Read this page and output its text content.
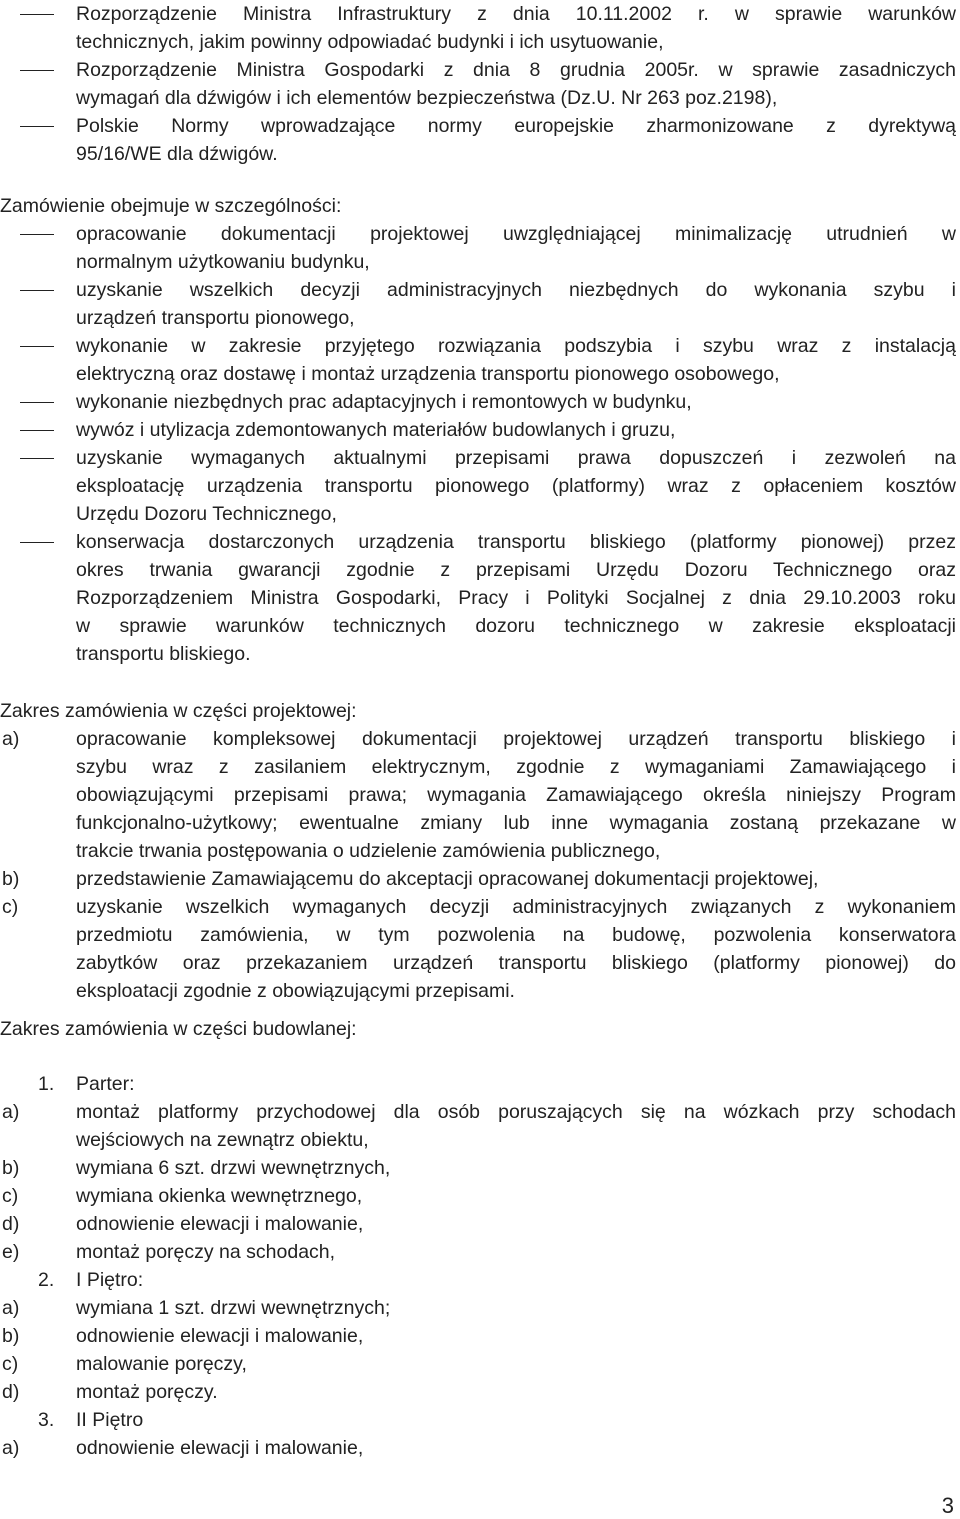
Rozporządzenie Ministra Infrastruktury z dnia 10.11.2002 r. w sprawie warunków
technicznych, jakim powinny odpowiadać budynki i ich usytuowanie,
Rozporządzenie Ministra Gospodarki z dnia 8 grudnia 2005r. w sprawie zasadniczych
wymagań dla dźwigów i ich elementów bezpieczeństwa (Dz.U. Nr 263 poz.2198),
Polskie Normy wprowadzające normy europejskie zharmonizowane z dyrektywą
95/16/WE dla dźwigów.
Zamówienie obejmuje w szczególności:
opracowanie dokumentacji projektowej uwzględniającej minimalizację utrudnień w
normalnym użytkowaniu budynku,
uzyskanie wszelkich decyzji administracyjnych niezbędnych do wykonania szybu i
urządzeń transportu pionowego,
wykonanie w zakresie przyjętego rozwiązania podszybia i szybu wraz z instalacją
elektryczną oraz dostawę i montaż urządzenia transportu pionowego osobowego,
wykonanie niezbędnych prac adaptacyjnych i remontowych w budynku,
wywóz i utylizacja zdemontowanych materiałów budowlanych i gruzu,
uzyskanie wymaganych aktualnymi przepisami prawa dopuszczeń i zezwoleń na
eksploatację urządzenia transportu pionowego (platformy) wraz z opłaceniem kosztów
Urzędu Dozoru Technicznego,
konserwacja dostarczonych urządzenia transportu bliskiego (platformy pionowej) przez
okres trwania gwarancji zgodnie z przepisami Urzędu Dozoru Technicznego oraz
Rozporządzeniem Ministra Gospodarki, Pracy i Polityki Socjalnej z dnia 29.10.2003 roku
w sprawie warunków technicznych dozoru technicznego w zakresie eksploatacji
transportu bliskiego.
Zakres zamówienia w części projektowej:
a)	opracowanie kompleksowej dokumentacji projektowej urządzeń transportu bliskiego i
szybu wraz z zasilaniem elektrycznym, zgodnie z wymaganiami Zamawiającego i
obowiązującymi przepisami prawa; wymagania Zamawiającego określa niniejszy Program
funkcjonalno-użytkowy; ewentualne zmiany lub inne wymagania zostaną przekazane w
trakcie trwania postępowania o udzielenie zamówienia publicznego,
b)	przedstawienie Zamawiającemu do akceptacji opracowanej dokumentacji projektowej,
c)	uzyskanie wszelkich wymaganych decyzji administracyjnych związanych z wykonaniem
przedmiotu zamówienia, w tym pozwolenia na budowę, pozwolenia konserwatora
zabytków oraz przekazaniem urządzeń transportu bliskiego (platformy pionowej) do
eksploatacji zgodnie z obowiązującymi przepisami.
Zakres zamówienia w części budowlanej:
1. Parter:
a)	montaż platformy przychodowej dla osób poruszających się na wózkach przy schodach
wejściowych na zewnątrz obiektu,
b)	wymiana 6 szt. drzwi wewnętrznych,
c)	wymiana okienka wewnętrznego,
d)	odnowienie elewacji i malowanie,
e)	montaż poręczy na schodach,
2. I Piętro:
a)	wymiana 1 szt. drzwi wewnętrznych;
b)	odnowienie elewacji i malowanie,
c)	malowanie poręczy,
d)	montaż poręczy.
3. II Piętro
a)	odnowienie elewacji i malowanie,
3
